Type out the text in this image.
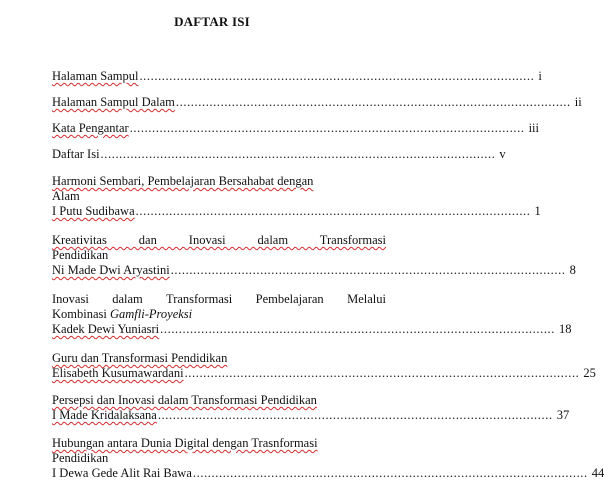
DAFTAR ISI
Halaman Sampul .......................................................................................................... i
Halaman Sampul Dalam .......................................................................................................... ii
Kata Pengantar .......................................................................................................... iii
Daftar Isi .......................................................................................................... v
Harmoni Sembari, Pembelajaran Bersahabat dengan
Alam
I Putu Sudibawa .......................................................................................................... 1
Kreativitas dan Inovasi dalam Transformasi
Pendidikan
Ni Made Dwi Aryastini .......................................................................................................... 8
Inovasi dalam Transformasi Pembelajaran Melalui
Kombinasi Gamfli-Proyeksi
Kadek Dewi Yuniasri .......................................................................................................... 18
Guru dan Transformasi Pendidikan
Elisabeth Kusumawardani .......................................................................................................... 25
Persepsi dan Inovasi dalam Transformasi Pendidikan
I Made Kridalaksana .......................................................................................................... 37
Hubungan antara Dunia Digital dengan Trasnformasi
Pendidikan
I Dewa Gede Alit Rai Bawa .......................................................................................................... 44
